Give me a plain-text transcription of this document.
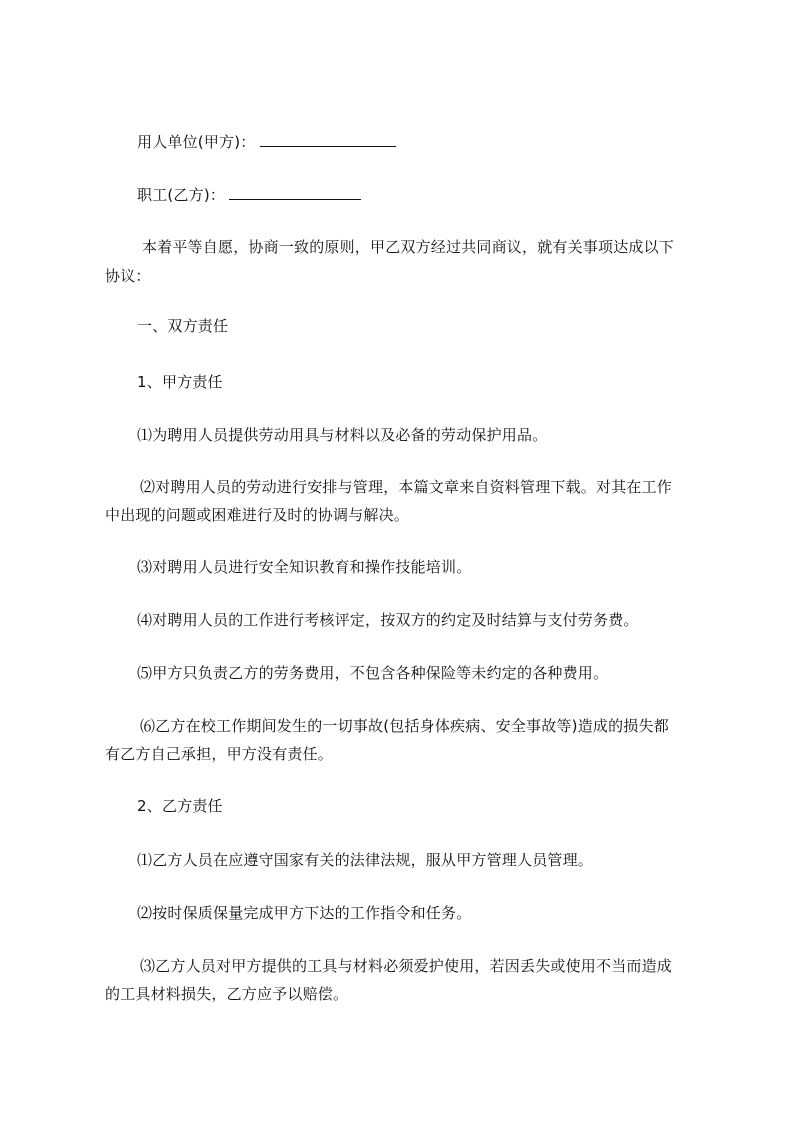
用人单位(甲方)：
职工(乙方)：
本着平等自愿，协商一致的原则，甲乙双方经过共同商议，就有关事项达成以下
协议：
一、双方责任
1、甲方责任
⑴为聘用人员提供劳动用具与材料以及必备的劳动保护用品。
⑵对聘用人员的劳动进行安排与管理，本篇文章来自资料管理下载。对其在工作
中出现的问题或困难进行及时的协调与解决。
⑶对聘用人员进行安全知识教育和操作技能培训。
⑷对聘用人员的工作进行考核评定，按双方的约定及时结算与支付劳务费。
⑸甲方只负责乙方的劳务费用，不包含各种保险等未约定的各种费用。
⑹乙方在校工作期间发生的一切事故(包括身体疾病、安全事故等)造成的损失都
有乙方自己承担，甲方没有责任。
2、乙方责任
⑴乙方人员在应遵守国家有关的法律法规，服从甲方管理人员管理。
⑵按时保质保量完成甲方下达的工作指令和任务。
⑶乙方人员对甲方提供的工具与材料必须爱护使用，若因丢失或使用不当而造成
的工具材料损失，乙方应予以赔偿。
